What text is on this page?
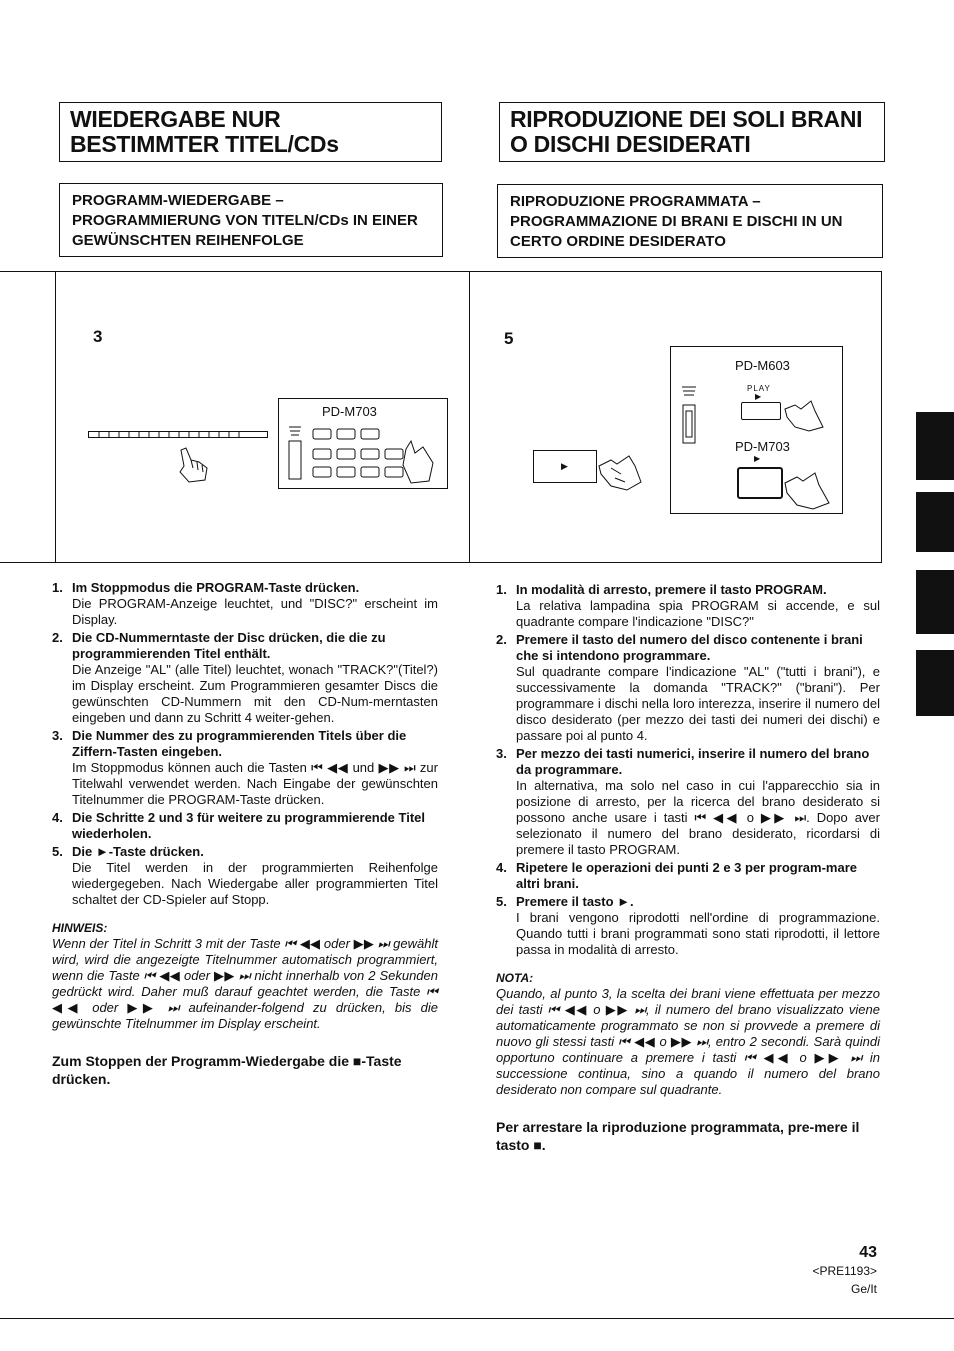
WIEDERGABE NUR BESTIMMTER TITEL/CDs
RIPRODUZIONE DEI SOLI BRANI O DISCHI DESIDERATI
PROGRAMM-WIEDERGABE – PROGRAMMIERUNG VON TITELN/CDs IN EINER GEWÜNSCHTEN REIHENFOLGE
RIPRODUZIONE PROGRAMMATA – PROGRAMMAZIONE DI BRANI E DISCHI IN UN CERTO ORDINE DESIDERATO
3
PD-M703
5
▶
PD-M603
PLAY
▶
PD-M703
▶
1. Im Stoppmodus die PROGRAM-Taste drücken.
Die PROGRAM-Anzeige leuchtet, und "DISC?" erscheint im Display.
2. Die CD-Nummerntaste der Disc drücken, die die zu programmierenden Titel enthält.
Die Anzeige "AL" (alle Titel) leuchtet, wonach "TRACK?"(Titel?) im Display erscheint. Zum Programmieren gesamter Discs die gewünschten CD-Nummern mit den CD-Num-merntasten eingeben und dann zu Schritt 4 weiter-gehen.
3. Die Nummer des zu programmierenden Titels über die Ziffern-Tasten eingeben.
Im Stoppmodus können auch die Tasten ⏮ ◀◀ und ▶▶ ⏭ zur Titelwahl verwendet werden. Nach Eingabe der gewünschten Titelnummer die PROGRAM-Taste drücken.
4. Die Schritte 2 und 3 für weitere zu programmierende Titel wiederholen.
5. Die ►-Taste drücken.
Die Titel werden in der programmierten Reihenfolge wiedergegeben. Nach Wiedergabe aller programmierten Titel schaltet der CD-Spieler auf Stopp.
HINWEIS:
Wenn der Titel in Schritt 3 mit der Taste ⏮ ◀◀ oder ▶▶ ⏭ gewählt wird, wird die angezeigte Titelnummer automatisch programmiert, wenn die Taste ⏮ ◀◀ oder ▶▶ ⏭ nicht innerhalb von 2 Sekunden gedrückt wird. Daher muß darauf geachtet werden, die Taste ⏮ ◀◀ oder ▶▶ ⏭ aufeinander-folgend zu drücken, bis die gewünschte Titelnummer im Display erscheint.
Zum Stoppen der Programm-Wiedergabe die ■-Taste drücken.
1. In modalità di arresto, premere il tasto PROGRAM.
La relativa lampadina spia PROGRAM si accende, e sul quadrante compare l'indicazione "DISC?"
2. Premere il tasto del numero del disco contenente i brani che si intendono programmare.
Sul quadrante compare l'indicazione "AL" ("tutti i brani"), e successivamente la domanda "TRACK?" ("brani"). Per programmare i dischi nella loro interezza, inserire il numero del disco desiderato (per mezzo dei tasti dei numeri dei dischi) e passare poi al punto 4.
3. Per mezzo dei tasti numerici, inserire il numero del brano da programmare.
In alternativa, ma solo nel caso in cui l'apparecchio sia in posizione di arresto, per la ricerca del brano desiderato si possono anche usare i tasti ⏮ ◀◀ o ▶▶ ⏭. Dopo aver selezionato il numero del brano desiderato, ricordarsi di premere il tasto PROGRAM.
4. Ripetere le operazioni dei punti 2 e 3 per program-mare altri brani.
5. Premere il tasto ►.
I brani vengono riprodotti nell'ordine di programmazione. Quando tutti i brani programmati sono stati riprodotti, il lettore passa in modalità di arresto.
NOTA:
Quando, al punto 3, la scelta dei brani viene effettuata per mezzo dei tasti ⏮ ◀◀ o ▶▶ ⏭, il numero del brano visualizzato viene automaticamente programmato se non si provvede a premere di nuovo gli stessi tasti ⏮ ◀◀ o ▶▶ ⏭, entro 2 secondi. Sarà quindi opportuno continuare a premere i tasti ⏮ ◀◀ o ▶▶ ⏭ in successione continua, sino a quando il numero del brano desiderato non compare sul quadrante.
Per arrestare la riproduzione programmata, pre-mere il tasto ■.
43
<PRE1193>
Ge/It
